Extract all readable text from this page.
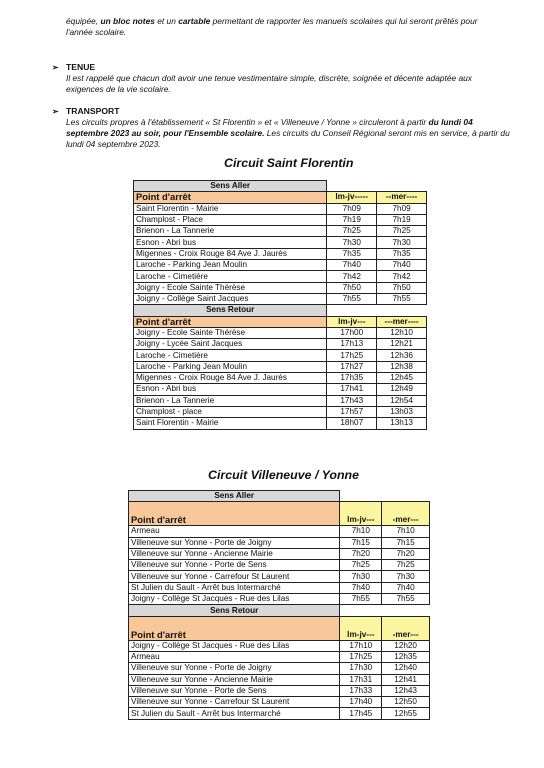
équipée, un bloc notes et un cartable permettant de rapporter les manuels scolaires qui lui seront prêtés pour l'année scolaire.
➢ TENUE
Il est rappelé que chacun doit avoir une tenue vestimentaire simple, discrète, soignée et décente adaptée aux exigences de la vie scolaire.
➢ TRANSPORT
Les circuits propres à l'établissement « St Florentin » et « Villeneuve / Yonne » circuleront à partir du lundi 04 septembre 2023 au soir, pour l'Ensemble scolaire. Les circuits du Conseil Régional seront mis en service, à partir du lundi 04 septembre 2023.
Circuit Saint Florentin
Sens Aller		
Point d'arrêt	lm-jv-----	--mer----
Saint Florentin - Mairie	7h09	7h09
Champlost - Place	7h19	7h19
Brienon - La Tannerie	7h25	7h25
Esnon - Abri bus	7h30	7h30
Migennes - Croix Rouge 84 Ave J. Jaurès	7h35	7h35
Laroche - Parking Jean Moulin	7h40	7h40
Laroche - Cimetière	7h42	7h42
Joigny - Ecole Sainte Thérèse	7h50	7h50
Joigny - Collège Saint Jacques	7h55	7h55
Sens Retour		
Point d'arrêt	lm-jv---	---mer----
Joigny - Ecole Sainte Thérèse	17h00	12h10
Joigny - Lycée Saint Jacques	17h13	12h21
Laroche - Cimetière	17h25	12h36
Laroche - Parking Jean Moulin	17h27	12h38
Migennes - Croix Rouge 84 Ave J. Jaurès	17h35	12h45
Esnon - Abri bus	17h41	12h49
Brienon - La Tannerie	17h43	12h54
Champlost - place	17h57	13h03
Saint Florentin - Mairie	18h07	13h13
Circuit Villeneuve / Yonne
Sens Aller		
Point d'arrêt	lm-jv---	-mer---
Armeau	7h10	7h10
Villeneuve sur Yonne - Porte de Joigny	7h15	7h15
Villeneuve sur Yonne - Ancienne Mairie	7h20	7h20
Villeneuve sur Yonne - Porte de Sens	7h25	7h25
Villeneuve sur Yonne - Carrefour St Laurent	7h30	7h30
St Julien du Sault - Arrêt bus Intermarché	7h40	7h40
Joigny - Collège St Jacques - Rue des Lilas	7h55	7h55
Sens Retour		
Point d'arrêt	lm-jv---	-mer---
Joigny - Collège St Jacques - Rue des Lilas	17h10	12h20
Armeau	17h25	12h35
Villeneuve sur Yonne - Porte de Joigny	17h30	12h40
Villeneuve sur Yonne - Ancienne Mairie	17h31	12h41
Villeneuve sur Yonne - Porte de Sens	17h33	12h43
Villeneuve sur Yonne - Carrefour St Laurent	17h40	12h50
St Julien du Sault - Arrêt bus Intermarché	17h45	12h55
